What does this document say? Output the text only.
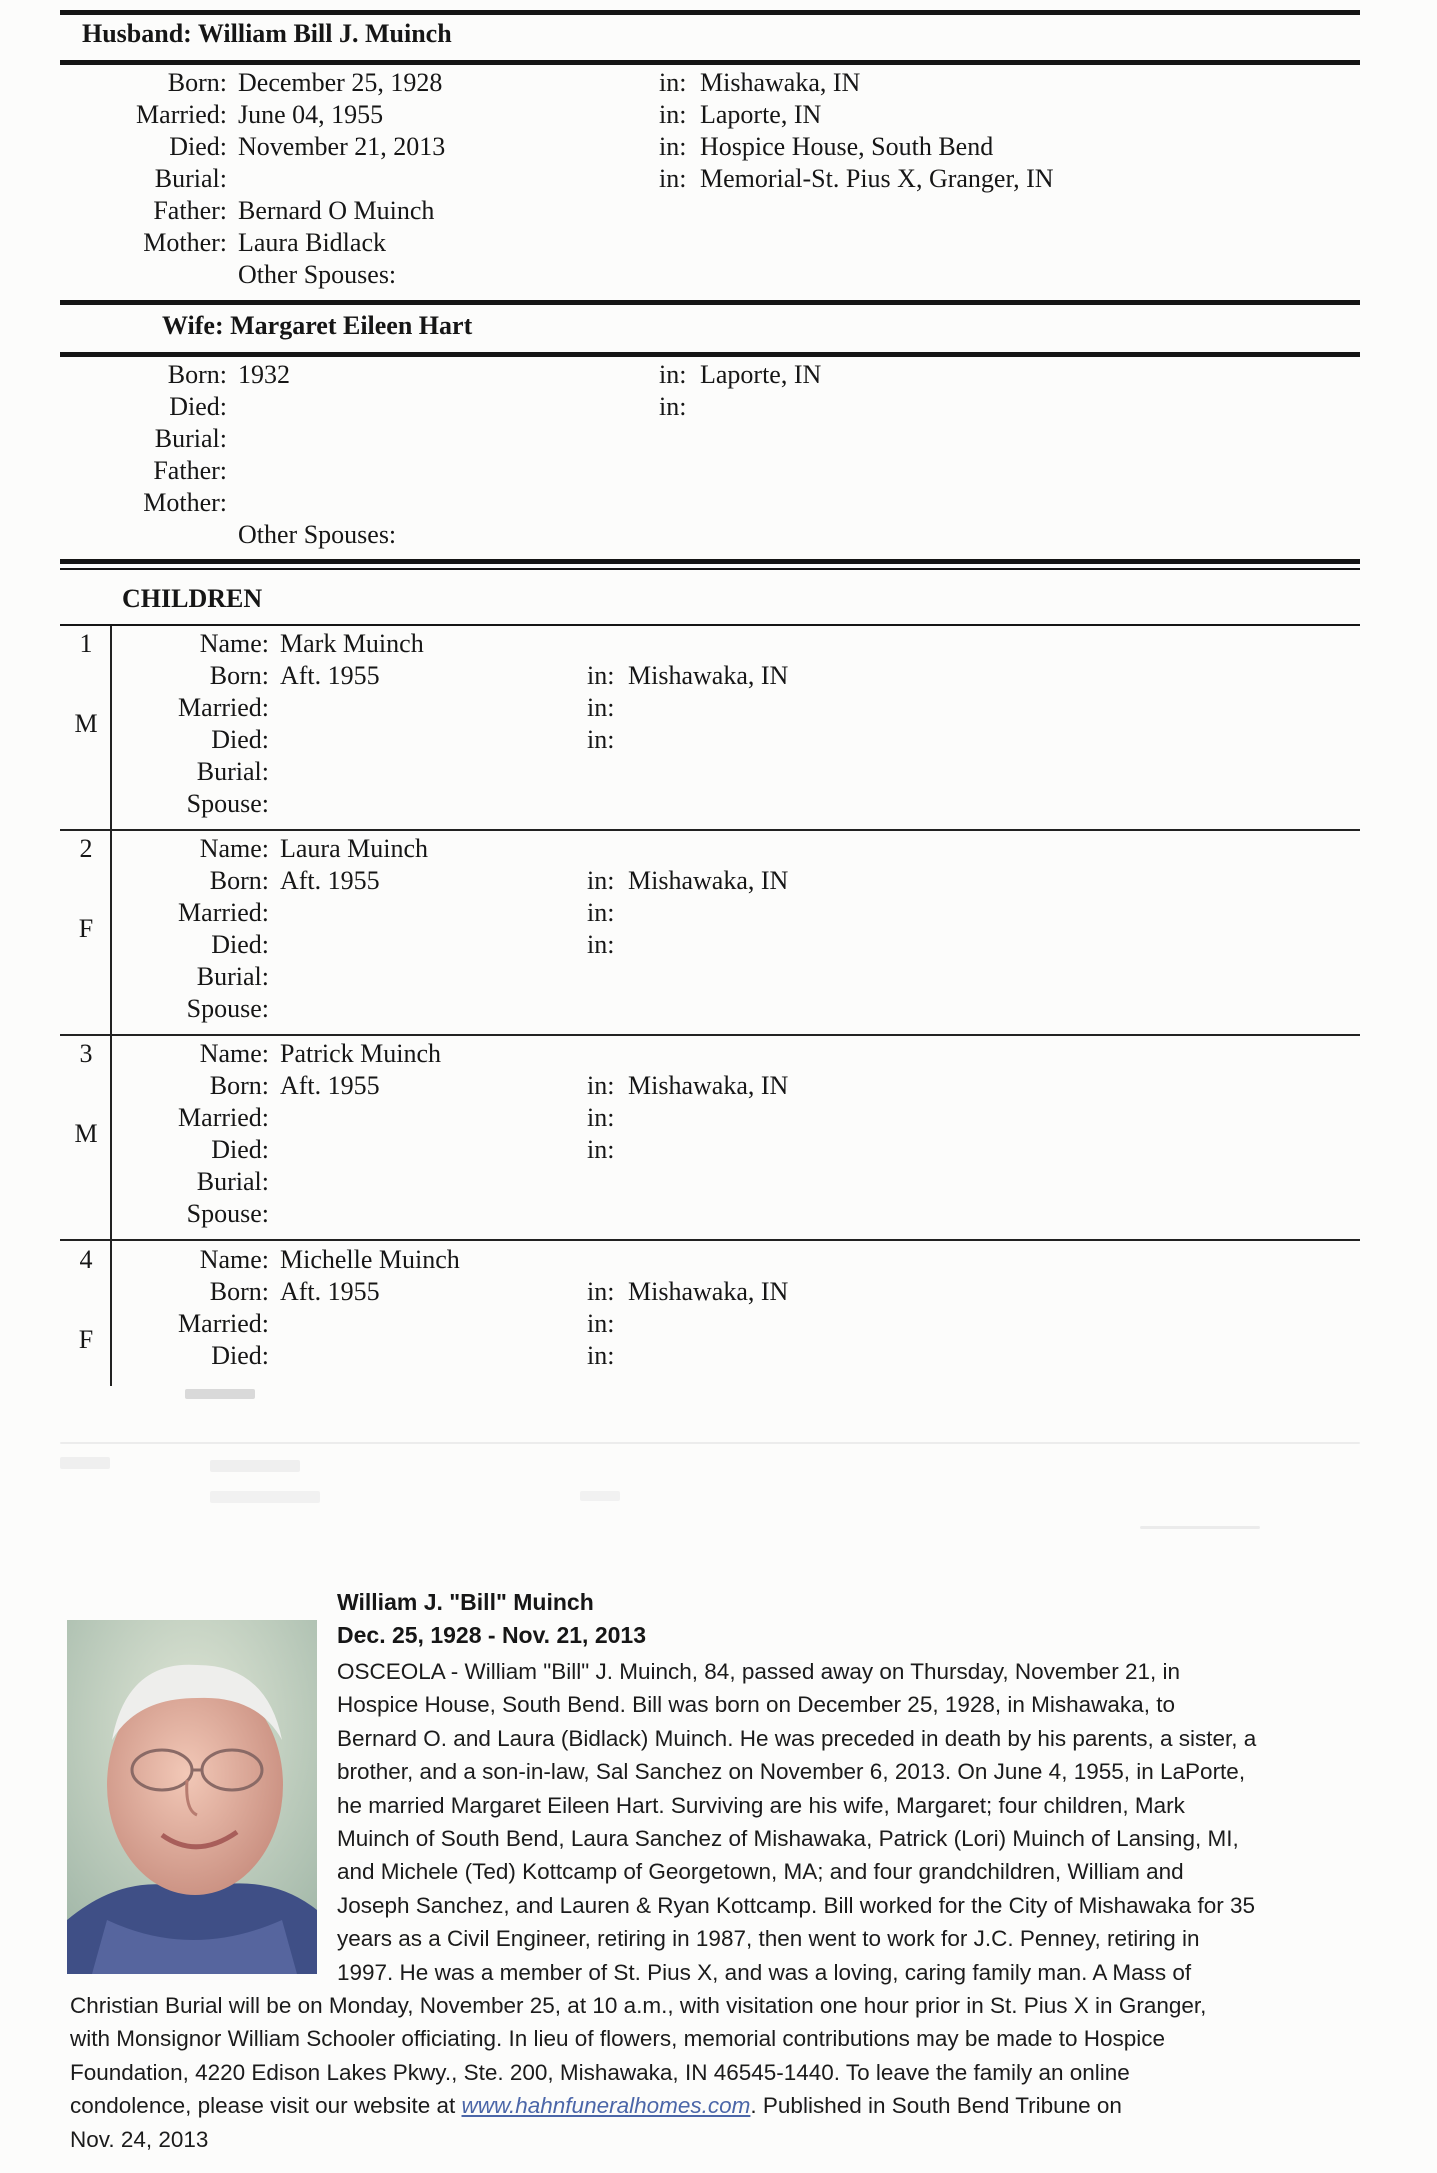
Husband: William Bill J. Muinch
Born: December 25, 1928	in: Mishawaka, IN
Married: June 04, 1955	in: Laporte, IN
Died: November 21, 2013	in: Hospice House, South Bend
Burial:	in: Memorial-St. Pius X, Granger, IN
Father: Bernard O Muinch
Mother: Laura Bidlack
Other Spouses:
Wife: Margaret Eileen Hart
Born: 1932	in: Laporte, IN
Died:	in:
Burial:
Father:
Mother:
Other Spouses:
CHILDREN
1
M
Name: Mark Muinch
Born: Aft. 1955	in: Mishawaka, IN
Married:	in:
Died:	in:
Burial:
Spouse:
2
F
Name: Laura Muinch
Born: Aft. 1955	in: Mishawaka, IN
Married:	in:
Died:	in:
Burial:
Spouse:
3
M
Name: Patrick Muinch
Born: Aft. 1955	in: Mishawaka, IN
Married:	in:
Died:	in:
Burial:
Spouse:
4
F
Name: Michelle Muinch
Born: Aft. 1955	in: Mishawaka, IN
Married:	in:
Died:	in:
William J. "Bill" Muinch
Dec. 25, 1928 - Nov. 21, 2013
OSCEOLA - William "Bill" J. Muinch, 84, passed away on Thursday, November 21, in
Hospice House, South Bend. Bill was born on December 25, 1928, in Mishawaka, to
Bernard O. and Laura (Bidlack) Muinch. He was preceded in death by his parents, a sister, a
brother, and a son-in-law, Sal Sanchez on November 6, 2013. On June 4, 1955, in LaPorte,
he married Margaret Eileen Hart. Surviving are his wife, Margaret; four children, Mark
Muinch of South Bend, Laura Sanchez of Mishawaka, Patrick (Lori) Muinch of Lansing, MI,
and Michele (Ted) Kottcamp of Georgetown, MA; and four grandchildren, William and
Joseph Sanchez, and Lauren & Ryan Kottcamp. Bill worked for the City of Mishawaka for 35
years as a Civil Engineer, retiring in 1987, then went to work for J.C. Penney, retiring in
1997. He was a member of St. Pius X, and was a loving, caring family man. A Mass of
Christian Burial will be on Monday, November 25, at 10 a.m., with visitation one hour prior in St. Pius X in Granger,
with Monsignor William Schooler officiating. In lieu of flowers, memorial contributions may be made to Hospice
Foundation, 4220 Edison Lakes Pkwy., Ste. 200, Mishawaka, IN 46545-1440. To leave the family an online
condolence, please visit our website at www.hahnfuneralhomes.com. Published in South Bend Tribune on
Nov. 24, 2013
